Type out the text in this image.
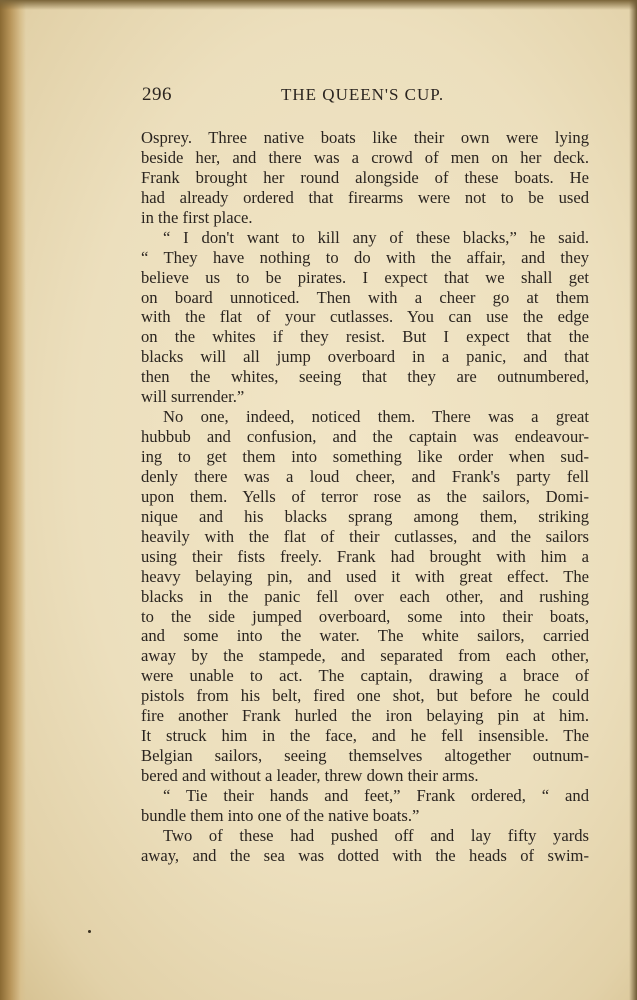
296	THE QUEEN'S CUP.
Osprey. Three native boats like their own were lying
beside her, and there was a crowd of men on her deck.
Frank brought her round alongside of these boats. He
had already ordered that firearms were not to be used
in the first place.
“ I don't want to kill any of these blacks,” he said.
“ They have nothing to do with the affair, and they
believe us to be pirates. I expect that we shall get
on board unnoticed. Then with a cheer go at them
with the flat of your cutlasses. You can use the edge
on the whites if they resist. But I expect that the
blacks will all jump overboard in a panic, and that
then the whites, seeing that they are outnumbered,
will surrender.”
No one, indeed, noticed them. There was a great
hubbub and confusion, and the captain was endeavour-
ing to get them into something like order when sud-
denly there was a loud cheer, and Frank's party fell
upon them. Yells of terror rose as the sailors, Domi-
nique and his blacks sprang among them, striking
heavily with the flat of their cutlasses, and the sailors
using their fists freely. Frank had brought with him a
heavy belaying pin, and used it with great effect. The
blacks in the panic fell over each other, and rushing
to the side jumped overboard, some into their boats,
and some into the water. The white sailors, carried
away by the stampede, and separated from each other,
were unable to act. The captain, drawing a brace of
pistols from his belt, fired one shot, but before he could
fire another Frank hurled the iron belaying pin at him.
It struck him in the face, and he fell insensible. The
Belgian sailors, seeing themselves altogether outnum-
bered and without a leader, threw down their arms.
“ Tie their hands and feet,” Frank ordered, “ and
bundle them into one of the native boats.”
Two of these had pushed off and lay fifty yards
away, and the sea was dotted with the heads of swim-
